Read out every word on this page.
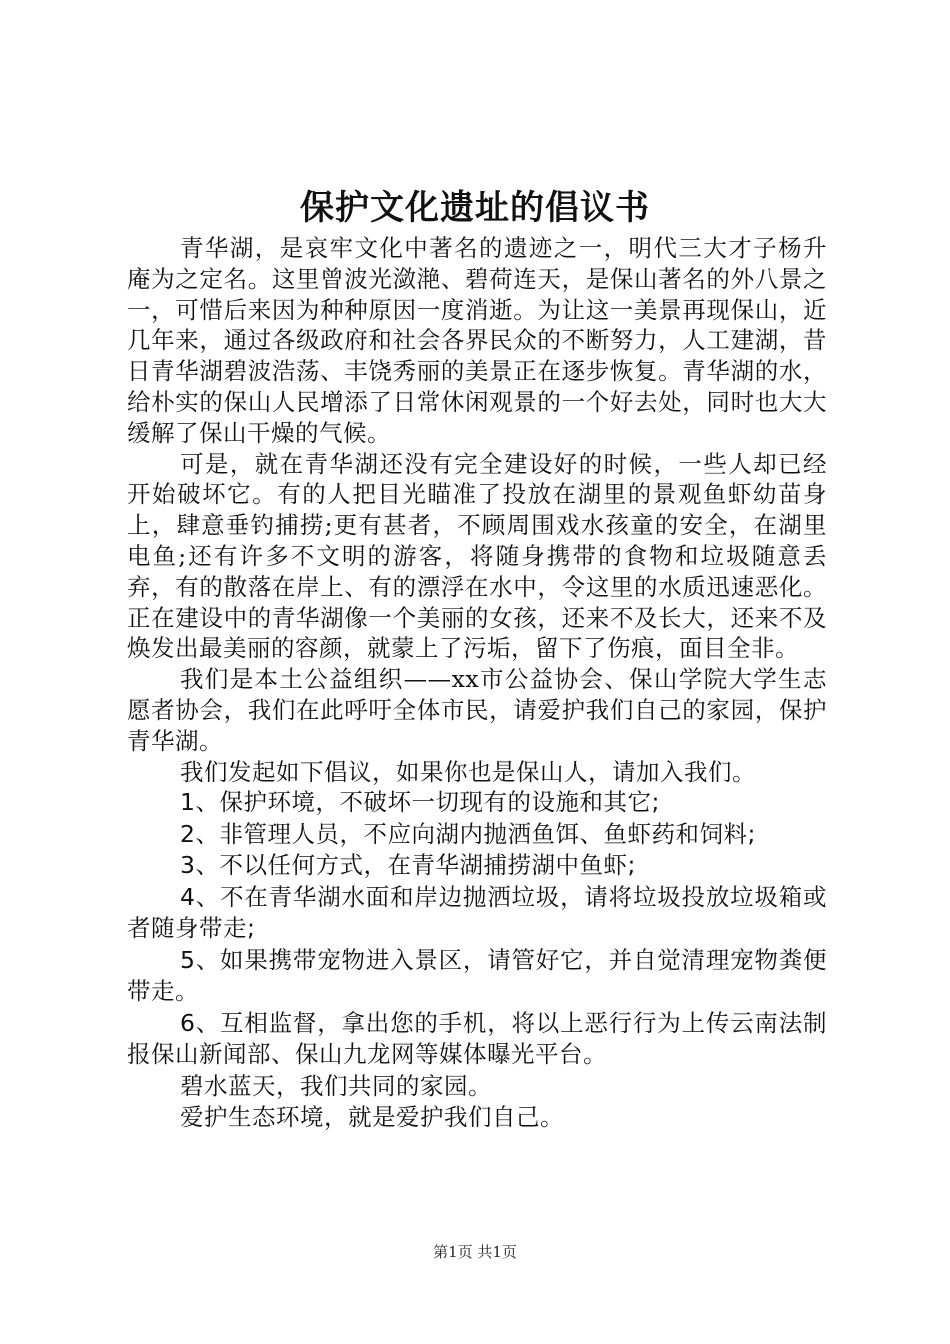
保护文化遗址的倡议书

青华湖，是哀牢文化中著名的遗迹之一，明代三大才子杨升庵为之定名。这里曾波光潋滟、碧荷连天，是保山著名的外八景之一，可惜后来因为种种原因一度消逝。为让这一美景再现保山，近几年来，通过各级政府和社会各界民众的不断努力，人工建湖，昔日青华湖碧波浩荡、丰饶秀丽的美景正在逐步恢复。青华湖的水，给朴实的保山人民增添了日常休闲观景的一个好去处，同时也大大缓解了保山干燥的气候。

可是，就在青华湖还没有完全建设好的时候，一些人却已经开始破坏它。有的人把目光瞄准了投放在湖里的景观鱼虾幼苗身上，肆意垂钓捕捞;更有甚者，不顾周围戏水孩童的安全，在湖里电鱼;还有许多不文明的游客，将随身携带的食物和垃圾随意丢弃，有的散落在岸上、有的漂浮在水中，令这里的水质迅速恶化。正在建设中的青华湖像一个美丽的女孩，还来不及长大，还来不及焕发出最美丽的容颜，就蒙上了污垢，留下了伤痕，面目全非。

我们是本土公益组织——xx市公益协会、保山学院大学生志愿者协会，我们在此呼吁全体市民，请爱护我们自己的家园，保护青华湖。

我们发起如下倡议，如果你也是保山人，请加入我们。

1、保护环境，不破坏一切现有的设施和其它;

2、非管理人员，不应向湖内抛洒鱼饵、鱼虾药和饲料;

3、不以任何方式，在青华湖捕捞湖中鱼虾;

4、不在青华湖水面和岸边抛洒垃圾，请将垃圾投放垃圾箱或者随身带走;

5、如果携带宠物进入景区，请管好它，并自觉清理宠物粪便带走。

6、互相监督，拿出您的手机，将以上恶行行为上传云南法制报保山新闻部、保山九龙网等媒体曝光平台。

碧水蓝天，我们共同的家园。

爱护生态环境，就是爱护我们自己。

第1页 共1页
